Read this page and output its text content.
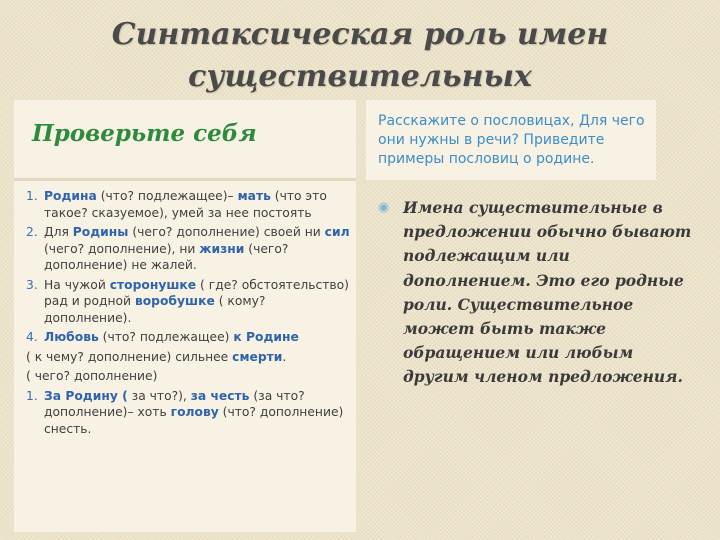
Синтаксическая роль имен существительных
Проверьте себя
1. Родина (что? подлежащее)– мать (что это такое? сказуемое), умей за нее постоять
2. Для Родины (чего? дополнение) своей ни сил (чего? дополнение), ни жизни (чего? дополнение) не жалей.
3. На чужой сторонушке ( где? обстоятельство) рад и родной воробушке ( кому? дополнение).
4. Любовь (что? подлежащее) к Родине
( к чему? дополнение) сильнее смерти.
( чего? дополнение)
1. За Родину ( за что?), за честь (за что? дополнение)– хоть голову (что? дополнение) снесть.
Расскажите о пословицах, Для чего они нужны в речи? Приведите примеры пословиц о родине.
◉ Имена существительные в предложении обычно бывают подлежащим или дополнением. Это его родные роли. Существительное может быть также обращением или любым другим членом предложения.
